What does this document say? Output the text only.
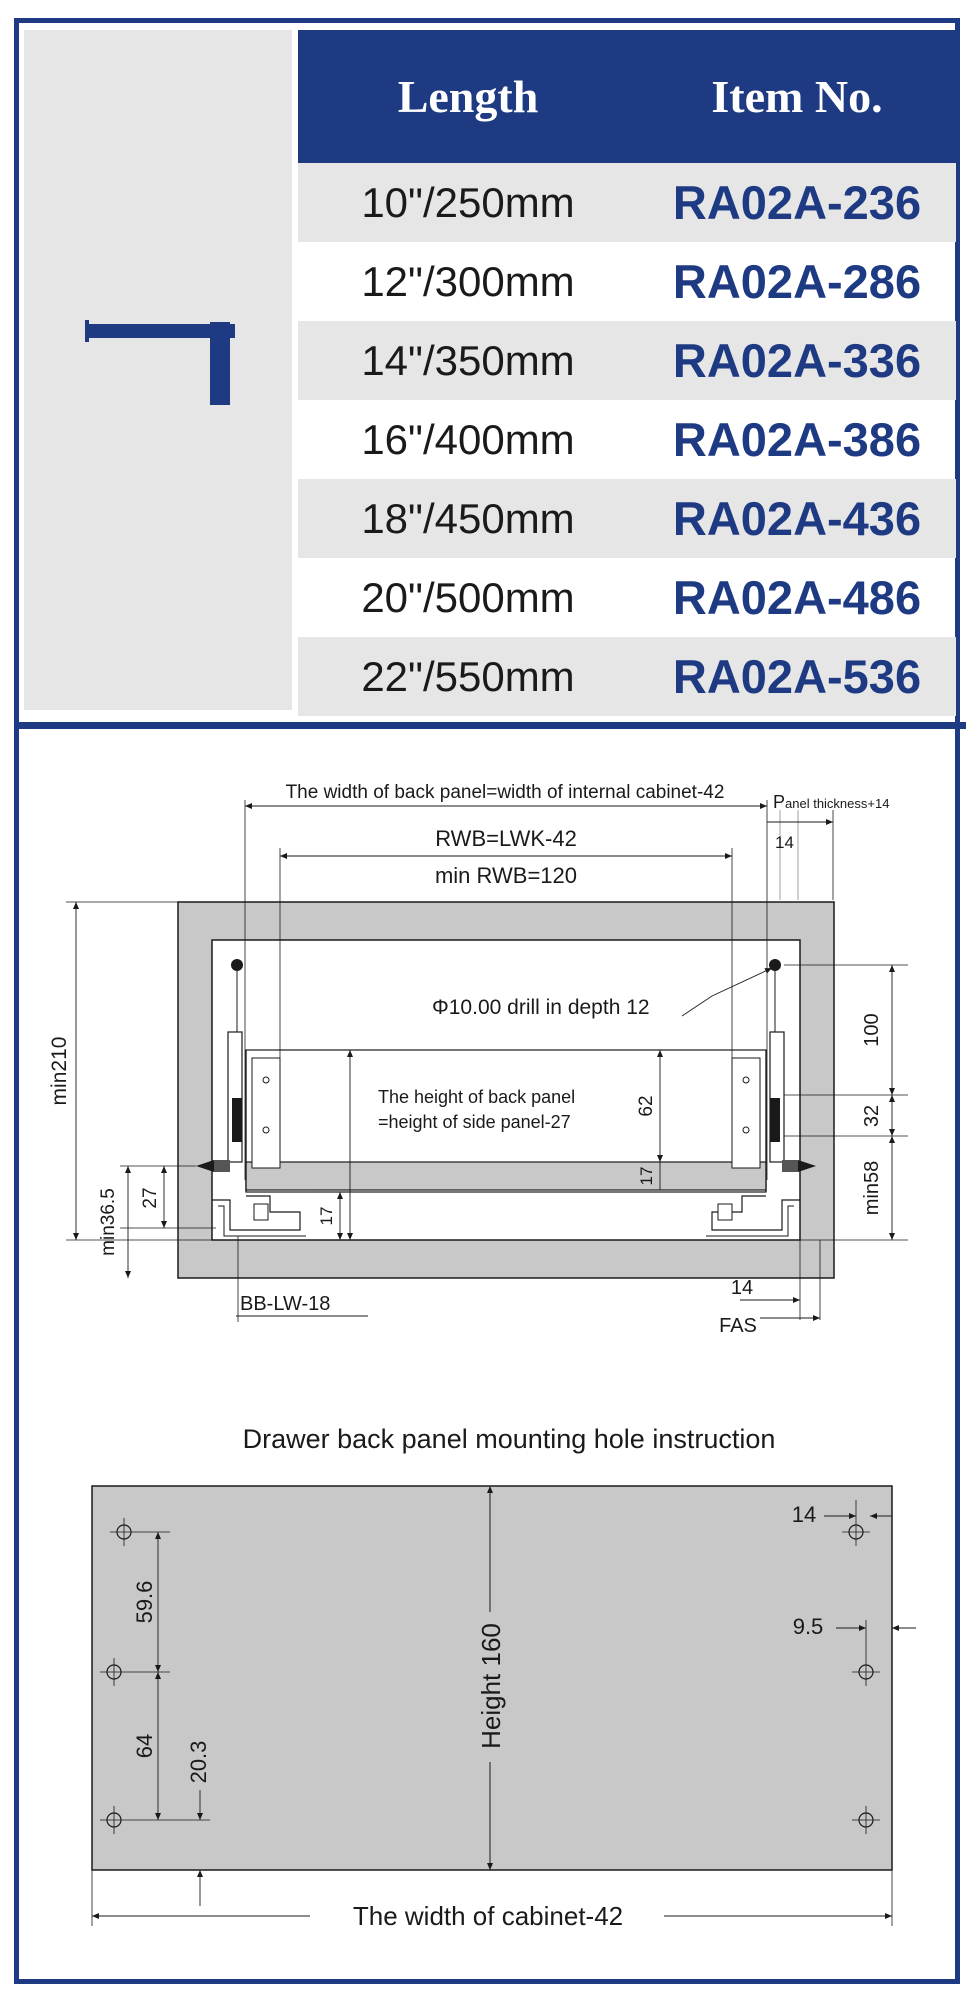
Length	Item No.
10"/250mm	RA02A-236
12"/300mm	RA02A-286
14"/350mm	RA02A-336
16"/400mm	RA02A-386
18"/450mm	RA02A-436
20"/500mm	RA02A-486
22"/550mm	RA02A-536
The width of back panel=width of internal cabinet-42	Panel thickness+14
14
RWB=LWK-42
min RWB=120
Φ10.00 drill in depth 12
min210	The height of back panel
=height of side panel-27
62
17
17
100
32
min58
min36.5 27
14
FAS
BB-LW-18
Drawer back panel mounting hole instruction
Height 160
59.6
64 20.3
14
9.5
The width of cabinet-42
